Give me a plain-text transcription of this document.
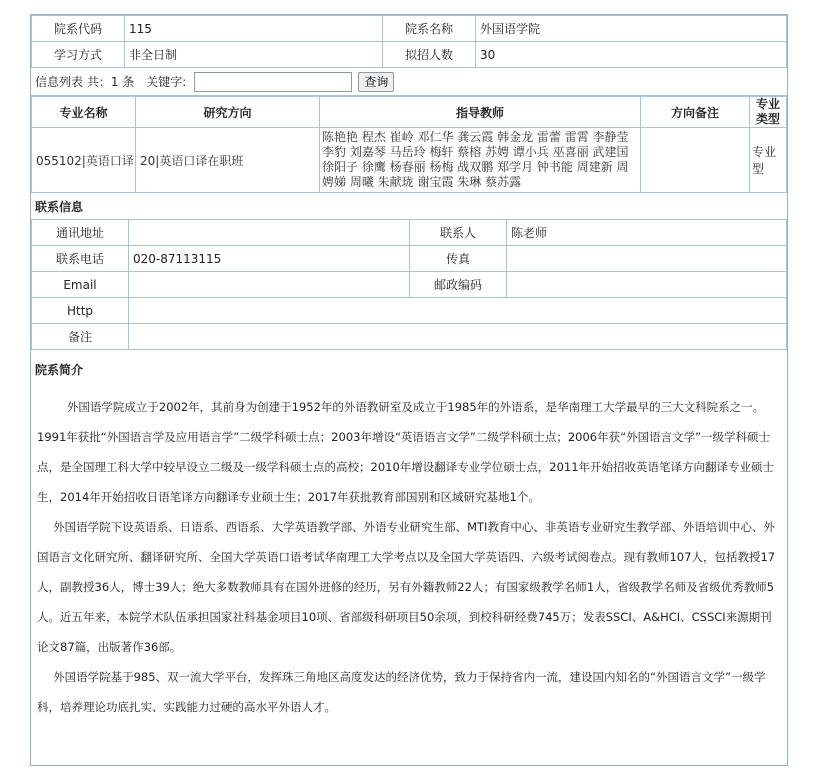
院系代码	115	院系名称	外国语学院
学习方式	非全日制	拟招人数	30
信息列表 共：1 条 关键字:	查询
专业名称	研究方向	指导教师	方向备注	专业类型
055102|英语口译	20|英语口译在职班	陈艳艳 程杰 崔岭 邓仁华 龚云霞 韩金龙 雷蕾 雷霄 李静莹 李豹 刘嘉琴 马岳玲 梅轩 蔡榕 苏娉 谭小兵 巫喜丽 武建国 徐阳子 徐鹰 杨春丽 杨梅 战双鹏 郑学月 钟书能 周建新 周娉娣 周曦 朱献珑 谢宝霞 朱琳 蔡苏露		专业型
联系信息
通讯地址		联系人	陈老师
联系电话	020-87113115	传真	
Email		邮政编码	
Http			
备注			
院系简介

外国语学院成立于2002年，其前身为创建于1952年的外语教研室及成立于1985年的外语系，是华南理工大学最早的三大文科院系之一。1991年获批“外国语言学及应用语言学”二级学科硕士点；2003年增设“英语语言文学”二级学科硕士点；2006年获“外国语言文学”一级学科硕士点，是全国理工科大学中较早设立二级及一级学科硕士点的高校；2010年增设翻译专业学位硕士点，2011年开始招收英语笔译方向翻译专业硕士生，2014年开始招收日语笔译方向翻译专业硕士生；2017年获批教育部国别和区域研究基地1个。

外国语学院下设英语系、日语系、西语系、大学英语教学部、外语专业研究生部、MTI教育中心、非英语专业研究生教学部、外语培训中心、外国语言文化研究所、翻译研究所、全国大学英语口语考试华南理工大学考点以及全国大学英语四、六级考试阅卷点。现有教师107人，包括教授17人，副教授36人，博士39人；绝大多数教师具有在国外进修的经历，另有外籍教师22人；有国家级教学名师1人，省级教学名师及省级优秀教师5人。近五年来，本院学术队伍承担国家社科基金项目10项、省部级科研项目50余项，到校科研经费745万；发表SSCI、A&HCI、CSSCI来源期刊论文87篇，出版著作36部。

外国语学院基于985、双一流大学平台，发挥珠三角地区高度发达的经济优势，致力于保持省内一流，建设国内知名的“外国语言文学”一级学科，培养理论功底扎实、实践能力过硬的高水平外语人才。
